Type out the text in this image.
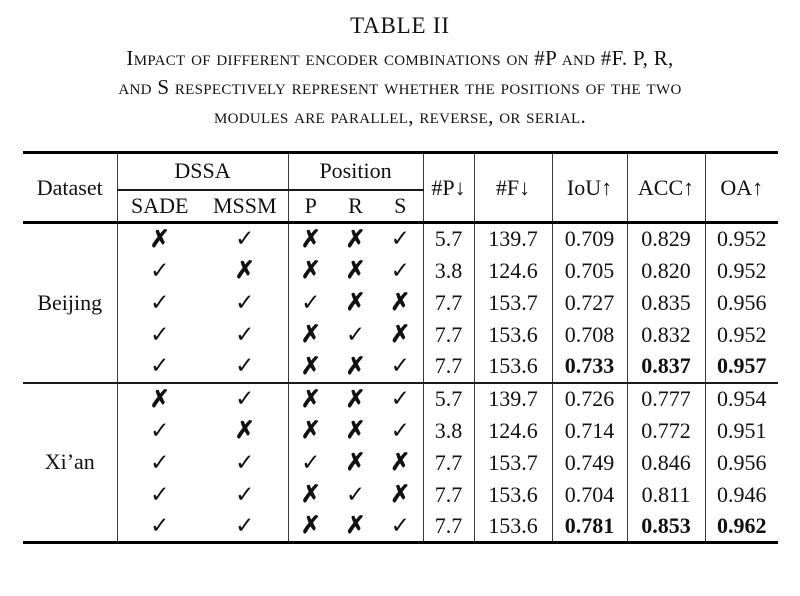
TABLE II
Impact of different encoder combinations on #P and #F. P, R,
and S respectively represent whether the positions of the two
modules are parallel, reverse, or serial.
Dataset	DSSA		Position			#P↓	#F↓	IoU↑	ACC↑	OA↑
	SADE	MSSM	P	R	S					
Beijing	✗	✓	✗	✗	✓	5.7	139.7	0.709	0.829	0.952
	✓	✗	✗	✗	✓	3.8	124.6	0.705	0.820	0.952
	✓	✓	✓	✗	✗	7.7	153.7	0.727	0.835	0.956
	✓	✓	✗	✓	✗	7.7	153.6	0.708	0.832	0.952
	✓	✓	✗	✗	✓	7.7	153.6	0.733	0.837	0.957
Xi’an	✗	✓	✗	✗	✓	5.7	139.7	0.726	0.777	0.954
	✓	✗	✗	✗	✓	3.8	124.6	0.714	0.772	0.951
	✓	✓	✓	✗	✗	7.7	153.7	0.749	0.846	0.956
	✓	✓	✗	✓	✗	7.7	153.6	0.704	0.811	0.946
	✓	✓	✗	✗	✓	7.7	153.6	0.781	0.853	0.962
